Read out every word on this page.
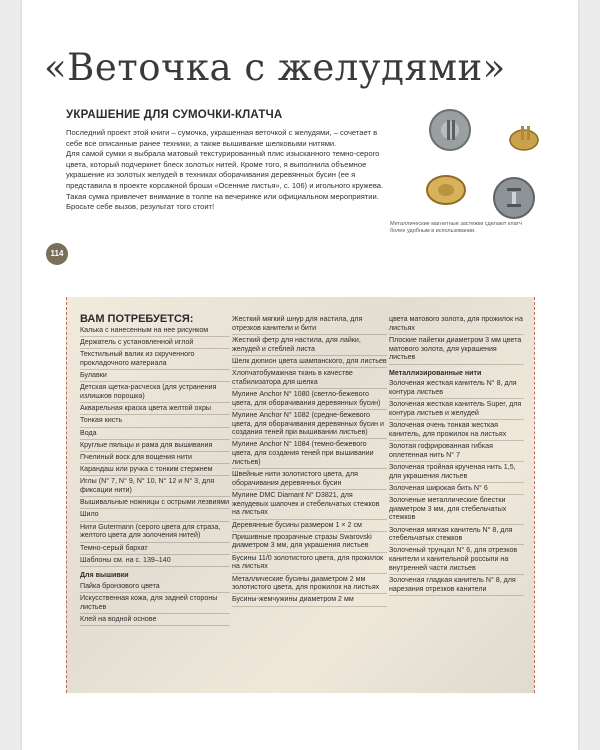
«Веточка с желудями»
УКРАШЕНИЕ ДЛЯ СУМОЧКИ-КЛАТЧА

Последний проект этой книги – сумочка, украшенная веточкой с желудями, – сочетает в себе все описанные ранее техники, а также вышивание шелковыми нитями.

Для самой сумки я выбрала матовый текстурированный плис изысканного темно-серого цвета, который подчеркнет блеск золотых нитей. Кроме того, я выполнила объемное украшение из золотых желудей в техниках оборачивания деревянных бусин (ее я представила в проекте корсажной броши «Осенние листья», с. 106) и игольного кружева.

Такая сумка привлечет внимание в толпе на вечеринке или официальном мероприятии. Бросьте себе вызов, результат того стоит!

114
Металлические магнитные застежки сделают клатч более удобным в использовании.
ВАМ ПОТРЕБУЕТСЯ:
Калька с нанесенным на нее рисунком
Держатель с установленной иглой
Текстильный валик из скрученного прокладочного материала
Булавки
Детская щетка-расческа (для устранения излишков порошка)
Акварельная краска цвета желтой охры
Тонкая кисть
Вода
Круглые пяльцы и рама для вышивания
Пчелиный воск для вощения нити
Карандаш или ручка с тонким стержнем
Иглы (N° 7, N° 9, N° 10, N° 12 и N° 3, для фиксации нити)
Вышивальные ножницы с острыми лезвиями
Шило
Нити Gutermann (серого цвета для страза, желтого цвета для золочения нитей)
Темно-серый бархат
Шаблоны см. на с. 139–140
Для вышивки
Пайка бронзового цвета
Искусственная кожа, для задней стороны листьев
Клей на водной основе
Жесткий мягкий шнур для настила, для отрезков канители и бити
Жесткий фетр для настила, для лайки, желудей и стеблей листа
Шелк дюпион цвета шампанского, для листьев
Хлопчатобумажная ткань в качестве стабилизатора для шелка
Мулине Anchor N° 1080 (светло-бежевого цвета, для оборачивания деревянных бусин)
Мулине Anchor N° 1082 (средне-бежевого цвета, для оборачивания деревянных бусин и создания теней при вышивании листьев)
Мулине Anchor N° 1084 (темно-бежевого цвета, для создания теней при вышивании листьев)
Швейные нити золотистого цвета, для оборачивания деревянных бусин
Мулине DMC Diamant N° D3821, для желудевых шапочек и стебельчатых стежков на листьях
Деревянные бусины размером 1 × 2 см
Пришивные прозрачные стразы Swarovski диаметром 3 мм, для украшения листьев
Бусины 11/0 золотистого цвета, для прожилок на листьях
Металлические бусины диаметром 2 мм золотистого цвета, для прожилок на листьях
Бусины-жемчужины диаметром 2 мм
цвета матового золота, для прожилок на листьях
Плоские пайетки диаметром 3 мм цвета матового золота, для украшения листьев
Металлизированные нити
Золоченая жесткая канитель N° 8, для контура листьев
Золоченая жесткая канитель Super, для контура листьев и желудей
Золоченая очень тонкая жесткая канитель, для прожилок на листьях
Золотая гофрированная гибкая оплетенная нить N° 7
Золоченая тройная крученая нить 1,5, для украшения листьев
Золоченая широкая бить N° 6
Золоченые металлические блестки диаметром 3 мм, для стебельчатых стежков
Золоченая мягкая канитель N° 8, для стебельчатых стежков
Золоченый трунцал N° 6, для отрезков канители и канительной россыпи на внутренней части листьев
Золоченая гладкая канитель N° 8, для нарезания отрезков канители
